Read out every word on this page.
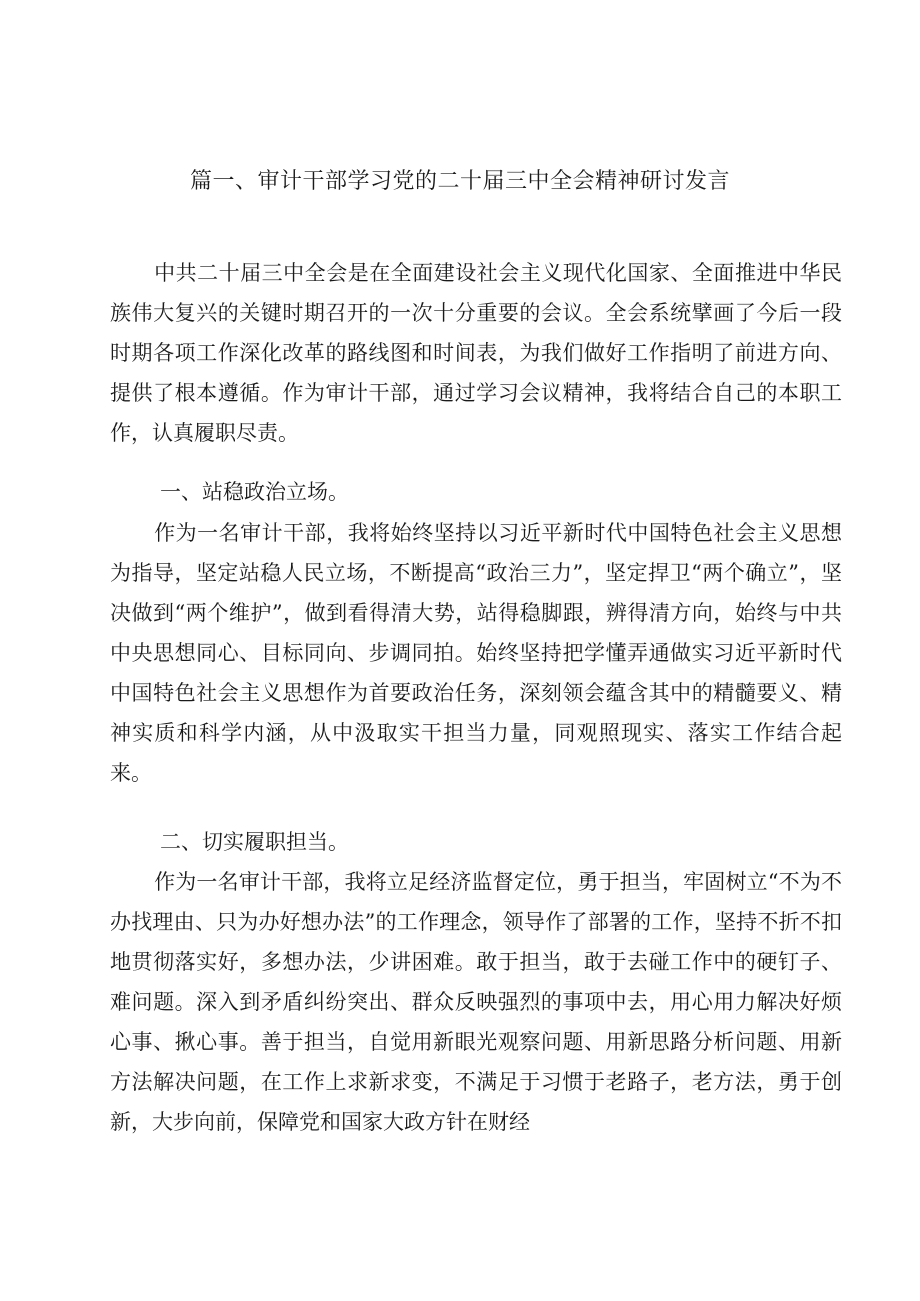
篇一、审计干部学习党的二十届三中全会精神研讨发言

中共二十届三中全会是在全面建设社会主义现代化国家、全面推进中华民族伟大复兴的关键时期召开的一次十分重要的会议。全会系统擘画了今后一段时期各项工作深化改革的路线图和时间表，为我们做好工作指明了前进方向、提供了根本遵循。作为审计干部，通过学习会议精神，我将结合自己的本职工作，认真履职尽责。

一、站稳政治立场。

作为一名审计干部，我将始终坚持以习近平新时代中国特色社会主义思想为指导，坚定站稳人民立场，不断提高“政治三力”，坚定捍卫“两个确立”，坚决做到“两个维护”，做到看得清大势，站得稳脚跟，辨得清方向，始终与中共中央思想同心、目标同向、步调同拍。始终坚持把学懂弄通做实习近平新时代中国特色社会主义思想作为首要政治任务，深刻领会蕴含其中的精髓要义、精神实质和科学内涵，从中汲取实干担当力量，同观照现实、落实工作结合起来。

二、切实履职担当。

作为一名审计干部，我将立足经济监督定位，勇于担当，牢固树立“不为不办找理由、只为办好想办法”的工作理念，领导作了部署的工作，坚持不折不扣地贯彻落实好，多想办法，少讲困难。敢于担当，敢于去碰工作中的硬钉子、难问题。深入到矛盾纠纷突出、群众反映强烈的事项中去，用心用力解决好烦心事、揪心事。善于担当，自觉用新眼光观察问题、用新思路分析问题、用新方法解决问题，在工作上求新求变，不满足于习惯于老路子，老方法，勇于创新，大步向前，保障党和国家大政方针在财经
